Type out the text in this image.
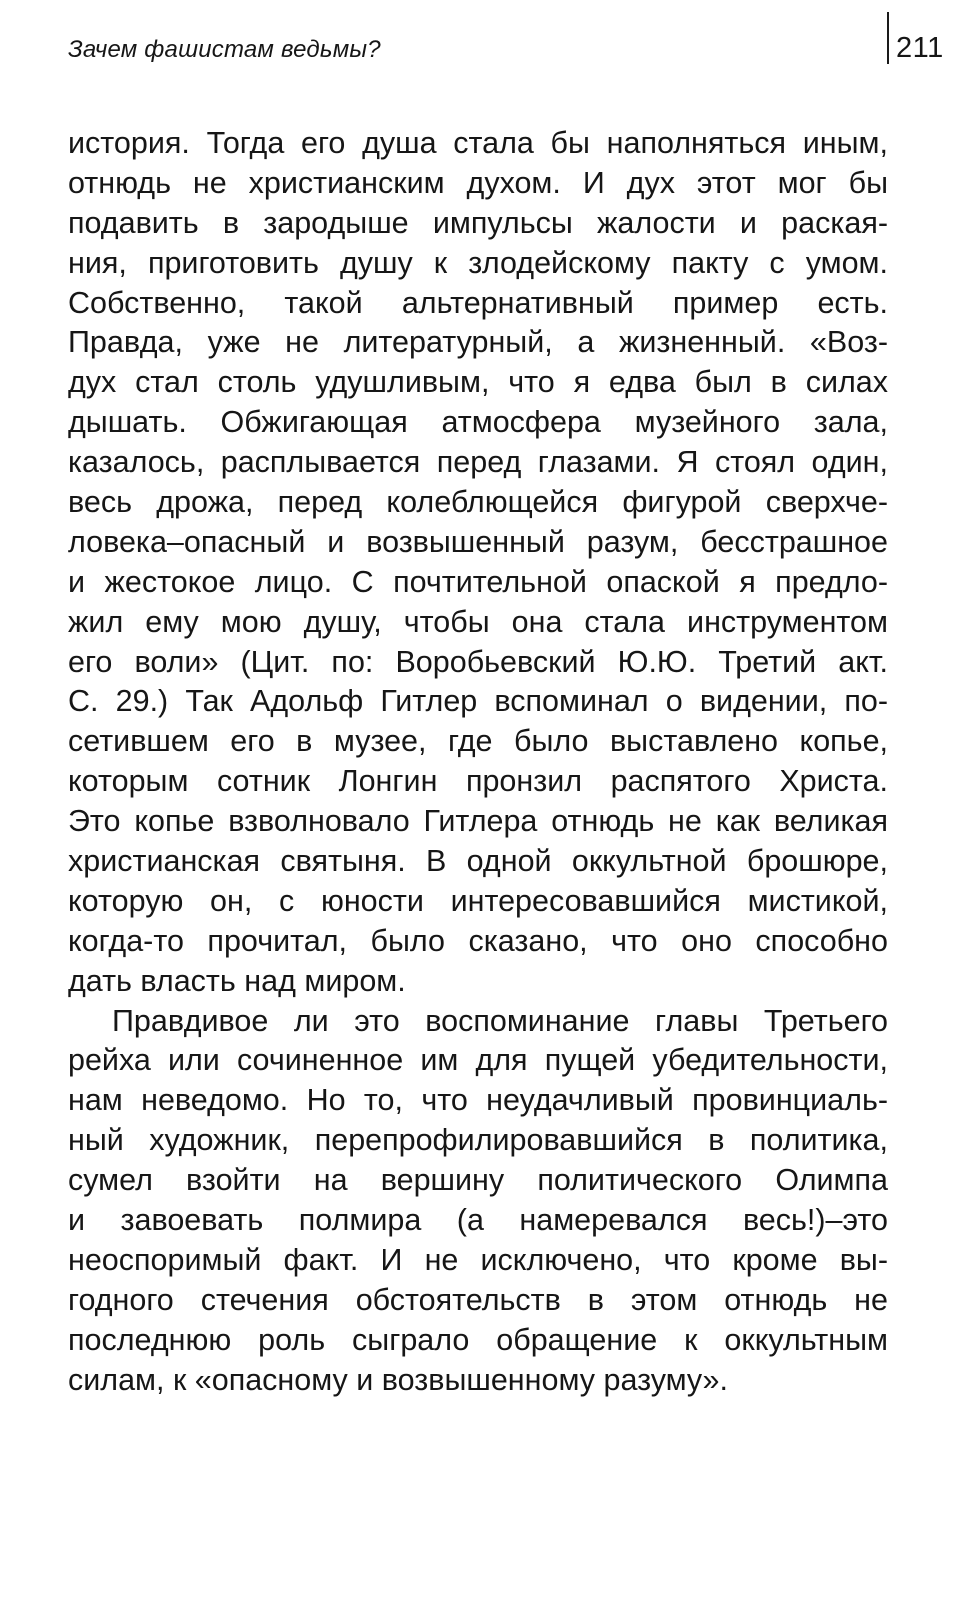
Зачем фашистам ведьмы?	211
история. Тогда его душа стала бы наполняться иным,
отнюдь не христианским духом. И дух этот мог бы
подавить в зародыше импульсы жалости и раская-
ния, приготовить душу к злодейскому пакту с умом.
Собственно, такой альтернативный пример есть.
Правда, уже не литературный, а жизненный. «Воз-
дух стал столь удушливым, что я едва был в силах
дышать. Обжигающая атмосфера музейного зала,
казалось, расплывается перед глазами. Я стоял один,
весь дрожа, перед колеблющейся фигурой сверхче-
ловека–опасный и возвышенный разум, бесстрашное
и жестокое лицо. С почтительной опаской я предло-
жил ему мою душу, чтобы она стала инструментом
его воли» (Цит. по: Воробьевский Ю.Ю. Третий акт.
С. 29.) Так Адольф Гитлер вспоминал о видении, по-
сетившем его в музее, где было выставлено копье,
которым сотник Лонгин пронзил распятого Христа.
Это копье взволновало Гитлера отнюдь не как великая
христианская святыня. В одной оккультной брошюре,
которую он, с юности интересовавшийся мистикой,
когда-то прочитал, было сказано, что оно способно
дать власть над миром.
Правдивое ли это воспоминание главы Третьего
рейха или сочиненное им для пущей убедительности,
нам неведомо. Но то, что неудачливый провинциаль-
ный художник, перепрофилировавшийся в политика,
сумел взойти на вершину политического Олимпа
и завоевать полмира (а намеревался весь!)–это
неоспоримый факт. И не исключено, что кроме вы-
годного стечения обстоятельств в этом отнюдь не
последнюю роль сыграло обращение к оккультным
силам, к «опасному и возвышенному разуму».
